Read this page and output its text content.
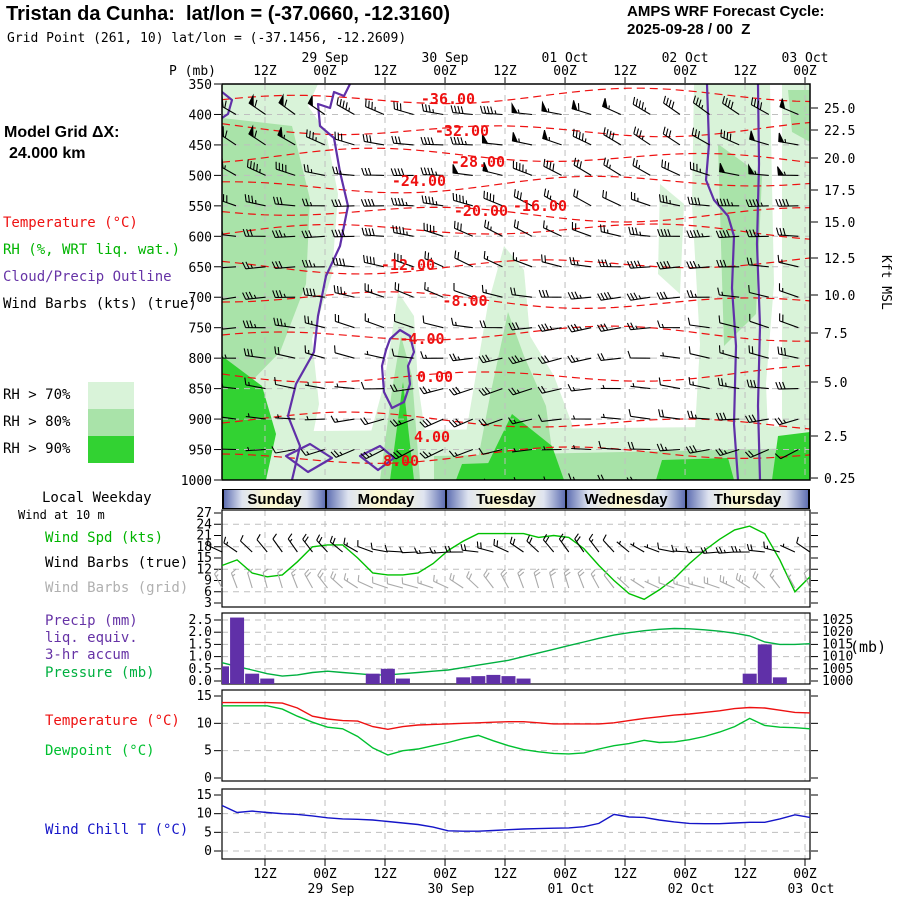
Tristan da Cunha:  lat/lon = (-37.0660, -12.3160)
Grid Point (261, 10) lat/lon = (-37.1456, -12.2609)
AMPS WRF Forecast Cycle:
2025-09-28 / 00  Z
Model Grid ΔX:
24.000 km
Local Weekday
Wind at 10 m
Wind Spd (kts)
Wind Barbs (true)
Wind Barbs (grid)
Precip (mm)
liq. equiv.
3-hr accum
Pressure (mb)
Temperature (°C)
Dewpoint (°C)
Wind Chill T (°C)
Kft MSL
(mb)
Temperature (°C)
RH (%, WRT liq. wat.)
Cloud/Precip Outline
Wind Barbs (kts) (true)
RH > 70%
RH > 80%
RH > 90%
Sunday	Monday	Tuesday	Wednesday	Thursday
-36.00
-32.00
-28.00
-24.00
-20.00 -16.00
-12.00
-8.00
-4.00
0.00
4.00
8.00
350
400
450
500
550
600
650
700
750
800
850
900
950
1000
25.0
22.5
20.0
17.5
15.0
12.5
10.0
7.5
5.0
2.5
0.25
12Z	00Z	12Z	00Z	12Z	00Z	12Z	00Z	12Z	00Z
29 Sep	30 Sep	01 Oct	02 Oct	03 Oct
P (mb)
3
6
9
12
15
18
21
24
27
0.0
0.5
1.0
1.5
2.0
2.5
1000
1005
1010
1015
1020
1025
0
5
10
15
0
5
10
15
12Z	00Z	12Z	00Z	12Z	00Z	12Z	00Z	12Z	00Z
29 Sep	30 Sep	01 Oct	02 Oct	03 Oct
